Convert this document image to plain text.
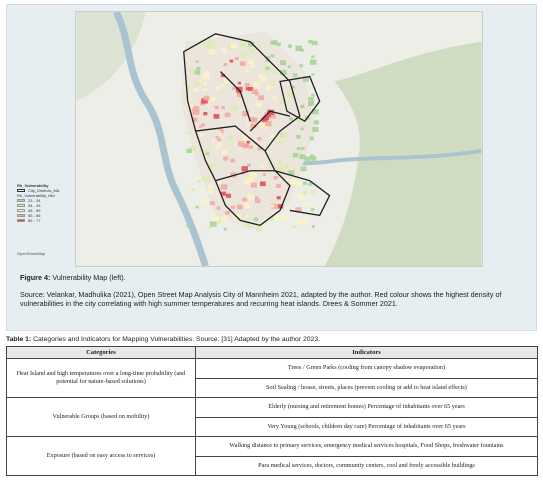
Rh_Vulnerability
City_Districts_MA
Rh_Vulnerability_Mid
23 - 34
34 - 45
45 - 55
55 - 66
66 - 77
OpenStreetMap
Figure 4: Vulnerability Map (left).
Source: Velankar, Madhulika (2021), Open Street Map Analysis City of Mannheim 2021, adapted by the author. Red colour shows the highest density of vulnerabilities in the city correlating with high summer temperatures and recurring heat islands. Drees & Sommer 2021.
Table 1: Categories and Indicators for Mapping Vulnerabilities. Source: [31] Adapted by the author 2023.
Categories	Indicators
Heat Island and high temperatures over a long-time probability (and potential for nature-based solutions)	Trees / Green Parks (cooling from canopy shadow evaporation)
	Soil Sealing / house, streets, places (prevent cooling or add to heat island effects)
Vulnerable Groups (based on mobility)	Elderly (nursing and retirement homes) Percentage of inhabitants over 65 years
	Very Young (schools, children day care) Percentage of inhabitants over 65 years
Exposure (based on easy access to services)	Walking distance to primary services, emergency medical services hospitals, Food Shops, freshwater fountains
	Para medical services, doctors, community centers, cool and freely accessible buildings
